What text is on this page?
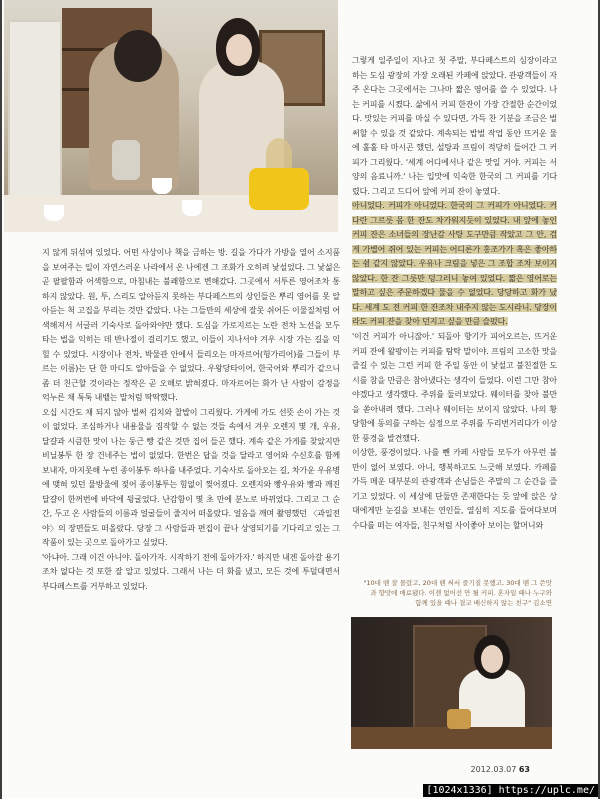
그렇게 일주일이 지나고 첫 주말, 부다페스트의 심장이라고 하는 도심 광장의 가장 오래된 카페에 앉았다. 관광객들이 자주 온다는 그곳에서는 그나마 짧은 영어를 쓸 수 있었다. 나는 커피를 시켰다. 삶에서 커피 한잔이 가장 간절한 순간이었다. 맛있는 커피를 마실 수 있다면, 가득 찬 기분을 조금은 벌써할 수 있을 것 같았다. 계속되는 밥벌 작업 동안 뜨거운 물에 훌훌 타 마시곤 했던, 설탕과 프림이 적당히 들어간 그 커피가 그리웠다. '세계 어디에서나 같은 맛일 거야. 커피는 서양의 음료니까.' 나는 입맛에 익숙한 한국의 그 커피를 기다렸다. 그리고 드디어 앞에 커피 잔이 놓였다.

아니었다. 커피가 아니었다. 한국의 그 커피가 아니었다. 커다란 그르릇 몸 한 잔도 차가워지듯이 있었다. 내 앞에 놓인 커피 잔은 소녀들의 장난감 사탕 도구만큼 작았고 그 안, 검게 가볍어 쥐어 있는 커피는 어디론가 홍조가가 혹은 좋아하는 쉼 같지 않았다. 우유나 크림을 넣은 그 조합 조차 보이지 않았다. 한 잔 그릇만 덩그러니 놓여 있었다. 짧은 영어로는 말하고 싶은 주문하겠다 물을 수 없었다. 당당하고 화가 났다. 세계 도 전 커피 한 잔조차 내주지 않는 도시라니. 당장이라도 커피 잔을 찾아 던지고 싶을 만큼 슬펐다.

지 않게 뒤섞여 있었다. 어떤 사상이나 책을 금하는 방. 길을 가다가 가방을 열어 소지품을 보여주는 일이 자연스러운 나라에서 온 나에겐 그 조화가 오히려 낯설었다. 그 낯섦은 곧 팔팔함과 어색함으로, 마침내는 불쾌함으로 변해갔다. 그곳에서 서투른 영어조차 통하지 않았다. 원, 투, 스리도 알아듣지 못하는 부다페스트의 상인들은 뿌리 영어를 못 알아듣는 척 고집을 부리는 것만 같았다. 나는 그들만의 세상에 잘못 쉬어든 이물질처럼 어색해져서 서글러 기숙사로 돌아와야만 했다. 도심을 가로지르는 노란 전차 노선을 모두 타는 법을 익히는 데 반나절이 걸리기도 했고, 이들이 지나서야 겨우 시장 가는 길을 익힐 수 있었다. 시장이나 전차, 박물관 안에서 들리오는 마자르어(헝가리어)를 그들이 부르는 이름)는 단 한 마디도 알아들을 수 없었다. 우왕당타이어, 한국어와 뿌리가 같으니 좀 더 친근할 것이라는 정작은 곧 오해로 밝혀졌다. 마자르어는 화가 난 사람이 감정을 억누른 채 툭툭 내뱉는 말처럼 딱딱했다.

오십 시간도 채 되지 않아 벌써 김치와 찰밥이 그리웠다. 가게에 가도 선뜻 손이 가는 것이 없었다. 조심하거나 내용물을 짐작할 수 없는 것들 속에서 겨우 오렌지 몇 개, 우유, 달걀과 시큼한 맛이 나는 둥근 빵 같은 것만 집어 들곤 했다. 계속 같은 가게를 찾았지만 비닐봉투 한 장 건네주는 법이 없었다. 한번은 답을 것을 달라고 영어와 수신호를 함께 보내자, 마지못해 누런 종이봉투 하나를 내주었다. 기숙사로 돌아오는 길, 차가운 우유병에 맺혀 있던 물방울에 젖어 종이봉투는 힘없이 찢어졌다. 오렌지와 빵우유와 빵과 깨진 달걀이 한꺼번에 바닥에 뒹굴었다. 난감함이 몇 초 만에 분노로 바뀌었다. 그리고 그 순간, 두고 온 사람들의 이름과 얼굴들이 줄지어 떠올랐다. 얼음을 깨며 촬영했던 〈과일전야〉의 장면들도 떠올랐다. 당장 그 사람들과 편집이 끝나 상영되기를 기다리고 있는 그 작품이 있는 곳으로 돌아가고 싶었다.

'아냐아. 그래 이건 아니야. 돌아가자. 시작하기 전에 돌아가자.' 하지만 내겐 돌아갈 용기조차 없다는 것 또한 잘 알고 있었다. 그래서 나는 더 화를 냈고, 모든 것에 투덜대면서 부다페스트를 거부하고 있었다.

'이건 커피가 아니잖아.' 되돌아 향기가 피어오르는, 뜨거운 커피 잔에 왈팡이는 커피를 탐탁 말이야. 프림의 고소한 맛을 즐길 수 있는 그런 커피 한 주일 동안 이 낯설고 불친절한 도시를 참을 만큼은 참아냈다는 생각이 들었다. 이런 그만 참아야겠다고 생각했다. 주위를 둘러보았다. 웨이터를 찾아 불만을 쏟아내려 했다. 그러나 웨이터는 보이지 않았다. 나의 황당함에 동의를 구하는 심정으로 주위를 두리번거리다가 이상한 풍경을 발견했다.

이상한, 풍경이었다. 나를 뺀 카페 사람들 모두가 아무런 불만이 없어 보였다. 아니, 행복하고도 느긋해 보였다. 카페를 가득 메운 대부분의 관광객과 손님들은 주말의 그 순간을 즐기고 있었다. 이 세상에 단둘만 존재한다는 듯 앞에 앉은 상대에게만 눈길을 보내는 연인들, 열심히 지도를 들여다보며 수다를 떠는 여자들, 친구처럼 사이좋아 보이는 할머니와

"10대 땐 잘 몰랐고, 20대 땐 써서 즐기질 못했고, 30대 땐 그 쓴맛과 향맛에 매료됐다. 이젠 없어선 안 될 커피. 혼자일 때나 누구와 함께 있을 때나 결코 배신하지 않는 친구" 김소연
2012.03.07 63
[1024x1336] https://uplc.me/
